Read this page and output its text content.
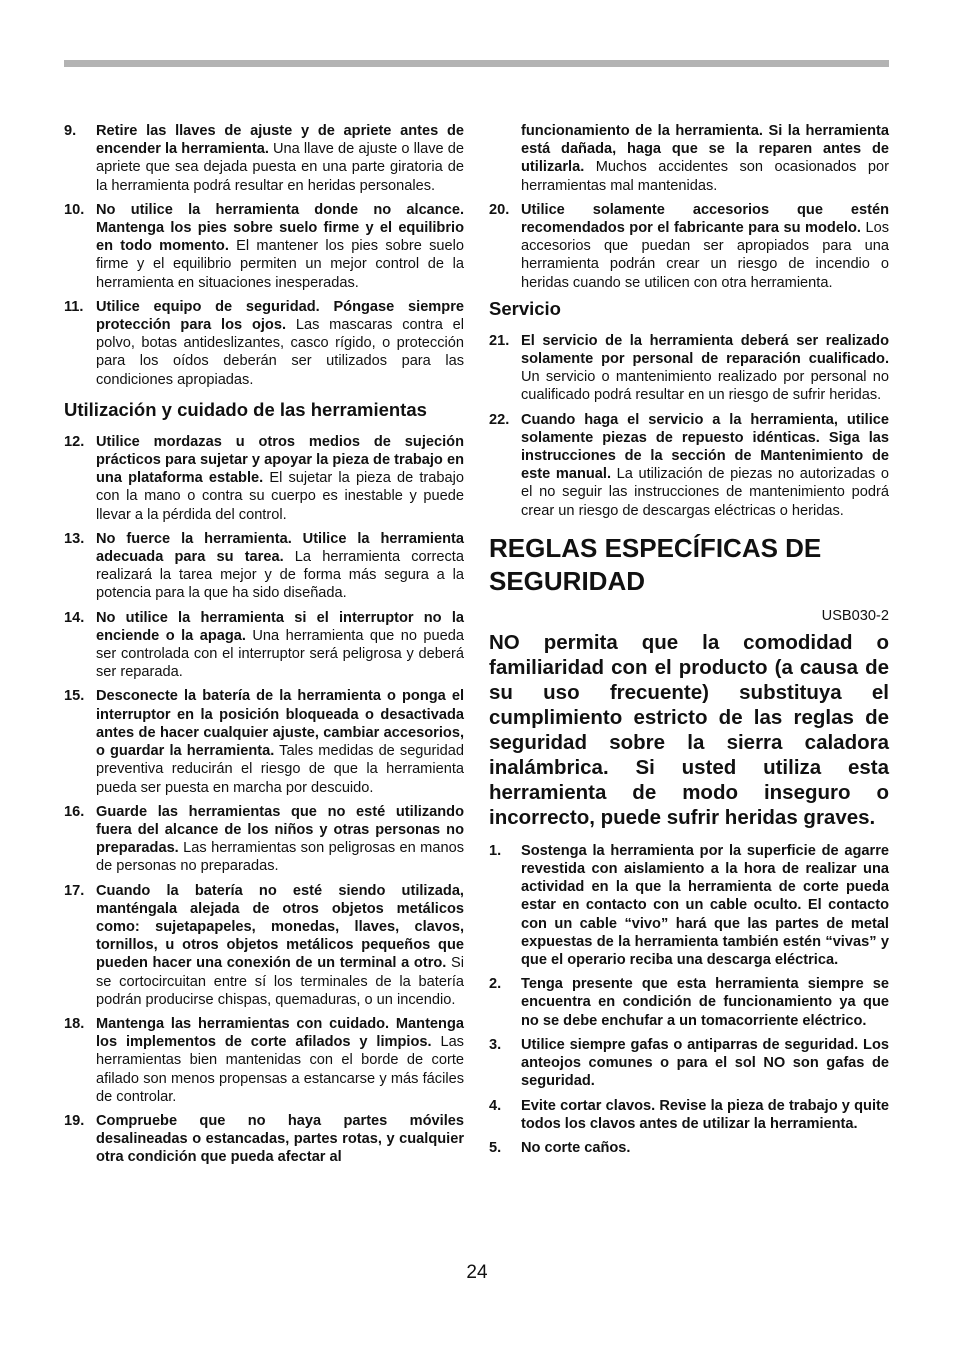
9. Retire las llaves de ajuste y de apriete antes de encender la herramienta. Una llave de ajuste o llave de apriete que sea dejada puesta en una parte giratoria de la herramienta podrá resultar en heridas personales.
10. No utilice la herramienta donde no alcance. Mantenga los pies sobre suelo firme y el equilibrio en todo momento. El mantener los pies sobre suelo firme y el equilibrio permiten un mejor control de la herramienta en situaciones inesperadas.
11. Utilice equipo de seguridad. Póngase siempre protección para los ojos. Las mascaras contra el polvo, botas antideslizantes, casco rígido, o protección para los oídos deberán ser utilizados para las condiciones apropiadas.
Utilización y cuidado de las herramientas
12. Utilice mordazas u otros medios de sujeción prácticos para sujetar y apoyar la pieza de trabajo en una plataforma estable. El sujetar la pieza de trabajo con la mano o contra su cuerpo es inestable y puede llevar a la pérdida del control.
13. No fuerce la herramienta. Utilice la herramienta adecuada para su tarea. La herramienta correcta realizará la tarea mejor y de forma más segura a la potencia para la que ha sido diseñada.
14. No utilice la herramienta si el interruptor no la enciende o la apaga. Una herramienta que no pueda ser controlada con el interruptor será peligrosa y deberá ser reparada.
15. Desconecte la batería de la herramienta o ponga el interruptor en la posición bloqueada o desactivada antes de hacer cualquier ajuste, cambiar accesorios, o guardar la herramienta. Tales medidas de seguridad preventiva reducirán el riesgo de que la herramienta pueda ser puesta en marcha por descuido.
16. Guarde las herramientas que no esté utilizando fuera del alcance de los niños y otras personas no preparadas. Las herramientas son peligrosas en manos de personas no preparadas.
17. Cuando la batería no esté siendo utilizada, manténgala alejada de otros objetos metálicos como: sujetapapeles, monedas, llaves, clavos, tornillos, u otros objetos metálicos pequeños que pueden hacer una conexión de un terminal a otro. Si se cortocircuitan entre sí los terminales de la batería podrán producirse chispas, quemaduras, o un incendio.
18. Mantenga las herramientas con cuidado. Mantenga los implementos de corte afilados y limpios. Las herramientas bien mantenidas con el borde de corte afilado son menos propensas a estancarse y más fáciles de controlar.
19. Compruebe que no haya partes móviles desalineadas o estancadas, partes rotas, y cualquier otra condición que pueda afectar al
funcionamiento de la herramienta. Si la herramienta está dañada, haga que se la reparen antes de utilizarla. Muchos accidentes son ocasionados por herramientas mal mantenidas.
20. Utilice solamente accesorios que estén recomendados por el fabricante para su modelo. Los accesorios que puedan ser apropiados para una herramienta podrán crear un riesgo de incendio o heridas cuando se utilicen con otra herramienta.
Servicio
21. El servicio de la herramienta deberá ser realizado solamente por personal de reparación cualificado. Un servicio o mantenimiento realizado por personal no cualificado podrá resultar en un riesgo de sufrir heridas.
22. Cuando haga el servicio a la herramienta, utilice solamente piezas de repuesto idénticas. Siga las instrucciones de la sección de Mantenimiento de este manual. La utilización de piezas no autorizadas o el no seguir las instrucciones de mantenimiento podrá crear un riesgo de descargas eléctricas o heridas.
REGLAS ESPECÍFICAS DE
SEGURIDAD
USB030-2
NO permita que la comodidad o familiaridad con el producto (a causa de su uso frecuente) substituya el cumplimiento estricto de las reglas de seguridad sobre la sierra caladora inalámbrica. Si usted utiliza esta herramienta de modo inseguro o incorrecto, puede sufrir heridas graves.
1. Sostenga la herramienta por la superficie de agarre revestida con aislamiento a la hora de realizar una actividad en la que la herramienta de corte pueda estar en contacto con un cable oculto. El contacto con un cable “vivo” hará que las partes de metal expuestas de la herramienta también estén “vivas” y que el operario reciba una descarga eléctrica.
2. Tenga presente que esta herramienta siempre se encuentra en condición de funcionamiento ya que no se debe enchufar a un tomacorriente eléctrico.
3. Utilice siempre gafas o antiparras de seguridad. Los anteojos comunes o para el sol NO son gafas de seguridad.
4. Evite cortar clavos. Revise la pieza de trabajo y quite todos los clavos antes de utilizar la herramienta.
5. No corte caños.
24
